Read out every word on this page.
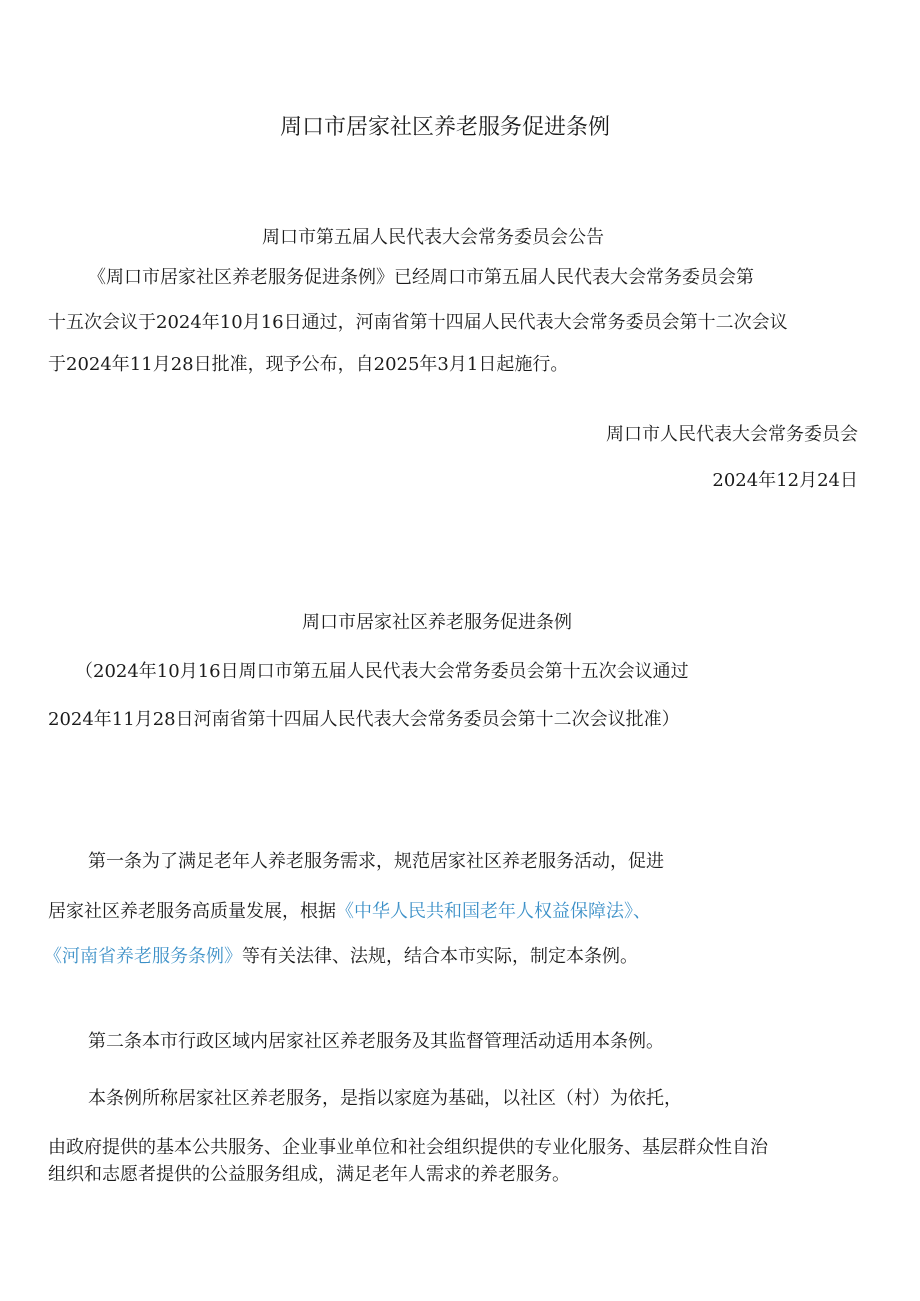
周口市居家社区养老服务促进条例
周口市第五届人民代表大会常务委员会公告
《周口市居家社区养老服务促进条例》已经周口市第五届人民代表大会常务委员会第
十五次会议于2024年10月16日通过，河南省第十四届人民代表大会常务委员会第十二次会议
于2024年11月28日批准，现予公布，自2025年3月1日起施行。
周口市人民代表大会常务委员会
2024年12月24日
周口市居家社区养老服务促进条例
（2024年10月16日周口市第五届人民代表大会常务委员会第十五次会议通过
2024年11月28日河南省第十四届人民代表大会常务委员会第十二次会议批准）
第一条为了满足老年人养老服务需求，规范居家社区养老服务活动，促进
居家社区养老服务高质量发展，根据《中华人民共和国老年人权益保障法》、
《河南省养老服务条例》等有关法律、法规，结合本市实际，制定本条例。
第二条本市行政区域内居家社区养老服务及其监督管理活动适用本条例。
本条例所称居家社区养老服务，是指以家庭为基础，以社区（村）为依托，
由政府提供的基本公共服务、企业事业单位和社会组织提供的专业化服务、基层群众性自治
组织和志愿者提供的公益服务组成，满足老年人需求的养老服务。
